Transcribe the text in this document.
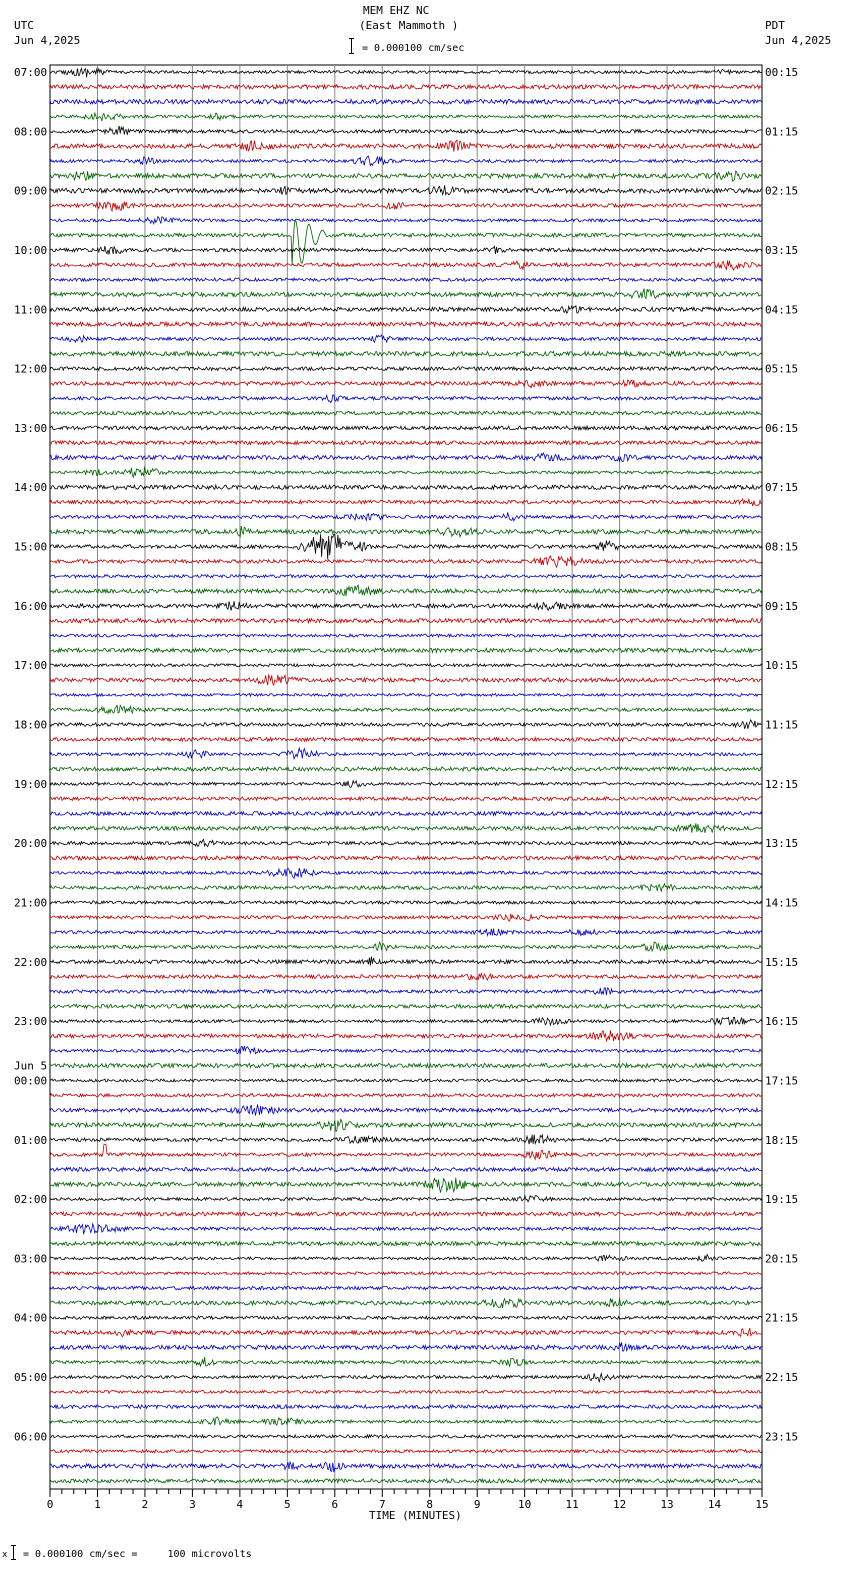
07:00
08:00
09:00
10:00
11:00
12:00
13:00
14:00
15:00
16:00
17:00
18:00
19:00
20:00
21:00
22:00
23:00
Jun 5
00:00
01:00
02:00
03:00
04:00
05:00
06:00
00:15
01:15
02:15
03:15
04:15
05:15
06:15
07:15
08:15
09:15
10:15
11:15
12:15
13:15
14:15
15:15
16:15
17:15
18:15
19:15
20:15
21:15
22:15
23:15
0	1	2	3	4	5	6	7	8	9	10	11	12	13	14	15
MEM EHZ NC
(East Mammoth )
= 0.000100 cm/sec
UTC
Jun 4,2025
PDT
Jun 4,2025
TIME (MINUTES)
x = 0.000100 cm/sec =     100 microvolts
